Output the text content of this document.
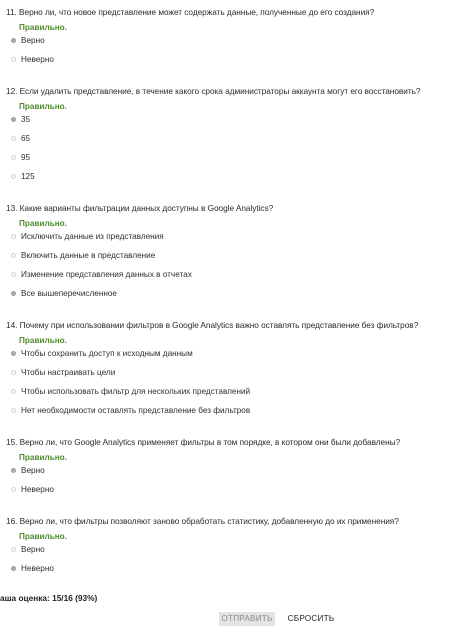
11. Верно ли, что новое представление может содержать данные, полученные до его создания?
Правильно.
Верно
Неверно
12. Если удалить представление, в течение какого срока администраторы аккаунта могут его восстановить?
Правильно.
35
65
95
125
13. Какие варианты фильтрации данных доступны в Google Analytics?
Правильно.
Исключить данные из представления
Включить данные в представление
Изменение представления данных в отчетах
Все вышеперечисленное
14. Почему при использовании фильтров в Google Analytics важно оставлять представление без фильтров?
Правильно.
Чтобы сохранить доступ к исходным данным
Чтобы настраивать цели
Чтобы использовать фильтр для нескольких представлений
Нет необходимости оставлять представление без фильтров
15. Верно ли, что Google Analytics применяет фильтры в том порядке, в котором они были добавлены?
Правильно.
Верно
Неверно
16. Верно ли, что фильтры позволяют заново обработать статистику, добавленную до их применения?
Правильно.
Верно
Неверно
аша оценка: 15/16 (93%)
ОТПРАВИТЬ	СБРОСИТЬ
